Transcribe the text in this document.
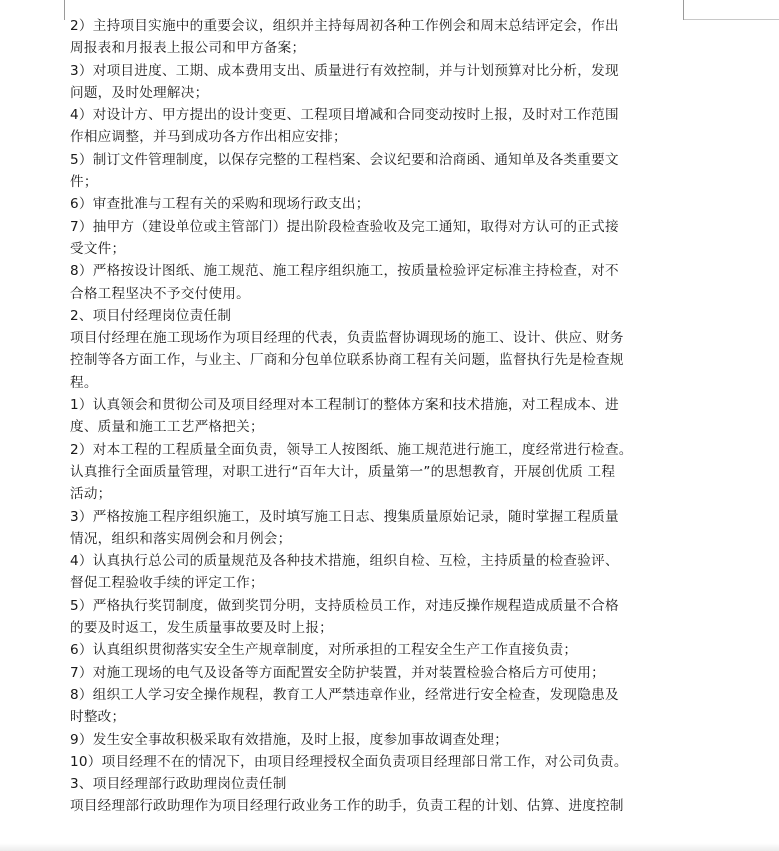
2）主持项目实施中的重要会议，组织并主持每周初各种工作例会和周末总结评定会，作出
周报表和月报表上报公司和甲方备案；
3）对项目进度、工期、成本费用支出、质量进行有效控制，并与计划预算对比分析，发现
问题，及时处理解决；
4）对设计方、甲方提出的设计变更、工程项目增减和合同变动按时上报，及时对工作范围
作相应调整，并马到成功各方作出相应安排；
5）制订文件管理制度，以保存完整的工程档案、会议纪要和洽商函、通知单及各类重要文
件；
6）审查批准与工程有关的采购和现场行政支出；
7）抽甲方（建设单位或主管部门）提出阶段检查验收及完工通知，取得对方认可的正式接
受文件；
8）严格按设计图纸、施工规范、施工程序组织施工，按质量检验评定标准主持检查，对不
合格工程坚决不予交付使用。
2、项目付经理岗位责任制
项目付经理在施工现场作为项目经理的代表，负责监督协调现场的施工、设计、供应、财务
控制等各方面工作，与业主、厂商和分包单位联系协商工程有关问题，监督执行先是检查规
程。
1）认真领会和贯彻公司及项目经理对本工程制订的整体方案和技术措施，对工程成本、进
度、质量和施工工艺严格把关；
2）对本工程的工程质量全面负责，领导工人按图纸、施工规范进行施工，度经常进行检查。
认真推行全面质量管理，对职工进行“百年大计，质量第一”的思想教育，开展创优质 工程
活动；
3）严格按施工程序组织施工，及时填写施工日志、搜集质量原始记录，随时掌握工程质量
情况，组织和落实周例会和月例会；
4）认真执行总公司的质量规范及各种技术措施，组织自检、互检，主持质量的检查验评、
督促工程验收手续的评定工作；
5）严格执行奖罚制度，做到奖罚分明，支持质检员工作，对违反操作规程造成质量不合格
的要及时返工，发生质量事故要及时上报；
6）认真组织贯彻落实安全生产规章制度，对所承担的工程安全生产工作直接负责；
7）对施工现场的电气及设备等方面配置安全防护装置，并对装置检验合格后方可使用；
8）组织工人学习安全操作规程，教育工人严禁违章作业，经常进行安全检查，发现隐患及
时整改；
9）发生安全事故积极采取有效措施，及时上报，度参加事故调查处理；
10）项目经理不在的情况下，由项目经理授权全面负责项目经理部日常工作，对公司负责。
3、项目经理部行政助理岗位责任制
项目经理部行政助理作为项目经理行政业务工作的助手，负责工程的计划、估算、进度控制
